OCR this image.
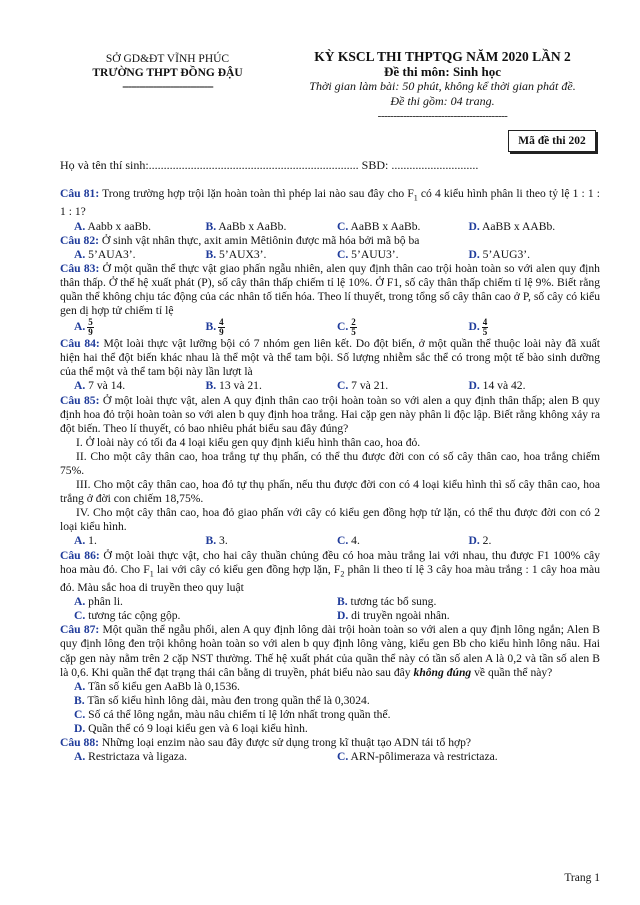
SỞ GD&ĐT VĨNH PHÚC
TRƯỜNG THPT ĐỒNG ĐẬU
--------------------------------
KỲ KSCL THI THPTQG NĂM 2020 LẦN 2
Đề thi môn: Sinh học
Thời gian làm bài: 50 phút, không kể thời gian phát đề.
Đề thi gồm: 04 trang.
-----------------------------------------
Mã đề thi 202
Họ và tên thí sinh:...................................................................... SBD: .............................

Câu 81: Trong trường hợp trội lặn hoàn toàn thì phép lai nào sau đây cho $F_1$ có 4 kiểu hình phân li theo tỷ lệ 1 : 1 : 1 : 1?

A. Aabb x aaBb.	B. AaBb x AaBb.	C. AaBB x AaBb.	D. AaBB x AABb.

Câu 82: Ở sinh vật nhân thực, axit amin Mêtiônin được mã hóa bởi mã bộ ba

A. 5’AUA3’.	B. 5’AUX3’.	C. 5’AUU3’.	D. 5’AUG3’.

Câu 83: Ở một quần thể thực vật giao phấn ngẫu nhiên, alen quy định thân cao trội hoàn toàn so với alen quy định thân thấp. Ở thế hệ xuất phát (P), số cây thân thấp chiếm tỉ lệ 10%. Ở F1, số cây thân thấp chiếm tỉ lệ 9%. Biết rằng quần thể không chịu tác động của các nhân tố tiến hóa. Theo lí thuyết, trong tổng số cây thân cao ở P, số cây có kiểu gen dị hợp tử chiếm tỉ lệ

A. $\frac{5}{9}$	B. $\frac{4}{9}$	C. $\frac{2}{5}$	D. $\frac{4}{5}$

Câu 84: Một loài thực vật lưỡng bội có 7 nhóm gen liên kết. Do đột biến, ở một quần thể thuộc loài này đã xuất hiện hai thể đột biến khác nhau là thể một và thể tam bội. Số lượng nhiễm sắc thể có trong một tế bào sinh dưỡng của thể một và thể tam bội này lần lượt là

A. 7 và 14.	B. 13 và 21.	C. 7 và 21.	D. 14 và 42.

Câu 85: Ở một loài thực vật, alen A quy định thân cao trội hoàn toàn so với alen a quy định thân thấp; alen B quy định hoa đỏ trội hoàn toàn so với alen b quy định hoa trắng. Hai cặp gen này phân li độc lập. Biết rằng không xảy ra đột biến. Theo lí thuyết, có bao nhiêu phát biểu sau đây đúng?

I. Ở loài này có tối đa 4 loại kiểu gen quy định kiểu hình thân cao, hoa đỏ.

II. Cho một cây thân cao, hoa trắng tự thụ phấn, có thể thu được đời con có số cây thân cao, hoa trắng chiếm 75%.

III. Cho một cây thân cao, hoa đỏ tự thụ phấn, nếu thu được đời con có 4 loại kiểu hình thì số cây thân cao, hoa trắng ở đời con chiếm 18,75%.

IV. Cho một cây thân cao, hoa đỏ giao phấn với cây có kiểu gen đồng hợp tử lặn, có thể thu được đời con có 2 loại kiểu hình.

A. 1.	B. 3.	C. 4.	D. 2.

Câu 86: Ở một loài thực vật, cho hai cây thuần chủng đều có hoa màu trắng lai với nhau, thu được F1 100% cây hoa màu đỏ. Cho $F_1$ lai với cây có kiểu gen đồng hợp lặn, $F_2$ phân li theo tỉ lệ 3 cây hoa màu trắng : 1 cây hoa màu đỏ. Màu sắc hoa di truyền theo quy luật

A. phân li.	B. tương tác bổ sung.
C. tương tác cộng gộp.	D. di truyền ngoài nhân.

Câu 87: Một quần thể ngẫu phối, alen A quy định lông dài trội hoàn toàn so với alen a quy định lông ngắn; Alen B quy định lông đen trội không hoàn toàn so với alen b quy định lông vàng, kiểu gen Bb cho kiểu hình lông nâu. Hai cặp gen này nằm trên 2 cặp NST thường. Thế hệ xuất phát của quần thể này có tần số alen A là 0,2 và tần số alen B là 0,6. Khi quần thể đạt trạng thái cân bằng di truyền, phát biểu nào sau đây không đúng về quần thể này?

A. Tần số kiểu gen AaBb là 0,1536.
B. Tần số kiểu hình lông dài, màu đen trong quần thể là 0,3024.
C. Số cá thể lông ngắn, màu nâu chiếm tỉ lệ lớn nhất trong quần thể.
D. Quần thể có 9 loại kiểu gen và 6 loại kiểu hình.

Câu 88: Những loại enzim nào sau đây được sử dụng trong kĩ thuật tạo ADN tái tổ hợp?

A. Restrictaza và ligaza.	C. ARN-pôlimeraza và restrictaza.
Trang 1
